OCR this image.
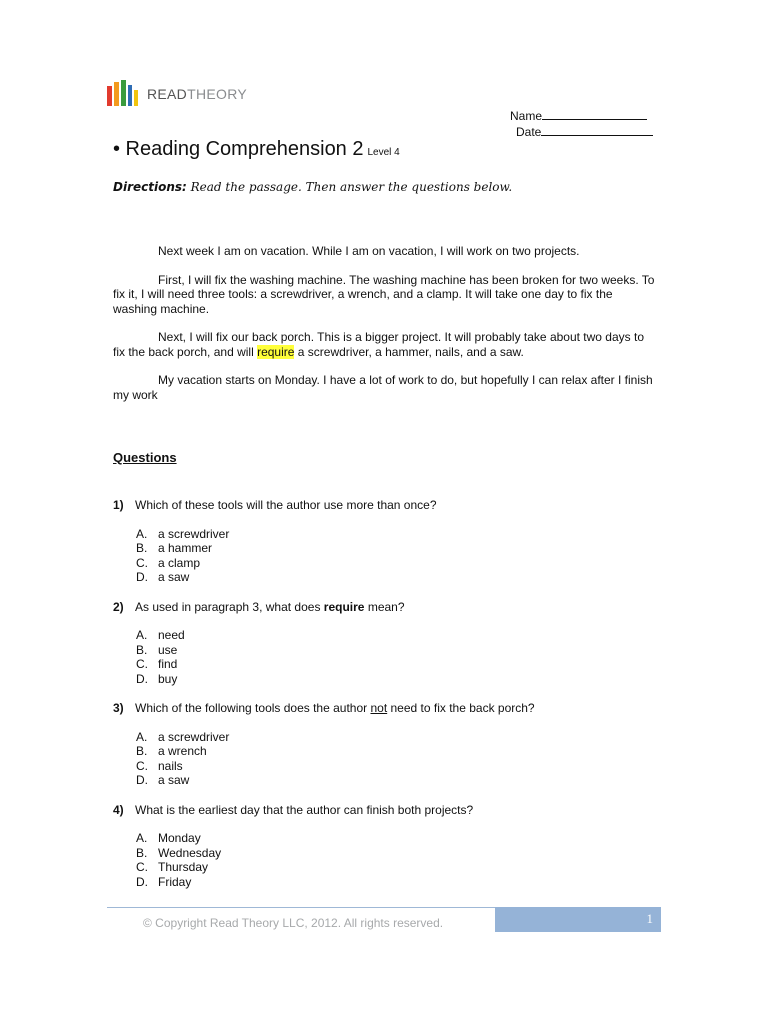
READTHEORY
Name
Date
• Reading Comprehension 2 Level 4
Directions: Read the passage. Then answer the questions below.

Next week I am on vacation. While I am on vacation, I will work on two projects.

First, I will fix the washing machine. The washing machine has been broken for two weeks. To fix it, I will need three tools: a screwdriver, a wrench, and a clamp. It will take one day to fix the washing machine.

Next, I will fix our back porch. This is a bigger project. It will probably take about two days to fix the back porch, and will require a screwdriver, a hammer, nails, and a saw.

My vacation starts on Monday. I have a lot of work to do, but hopefully I can relax after I finish my work

Questions
1) Which of these tools will the author use more than once?
A. a screwdriver
B. a hammer
C. a clamp
D. a saw
2) As used in paragraph 3, what does require mean?
A. need
B. use
C. find
D. buy
3) Which of the following tools does the author not need to fix the back porch?
A. a screwdriver
B. a wrench
C. nails
D. a saw
4) What is the earliest day that the author can finish both projects?
A. Monday
B. Wednesday
C. Thursday
D. Friday
© Copyright Read Theory LLC, 2012. All rights reserved.	1
